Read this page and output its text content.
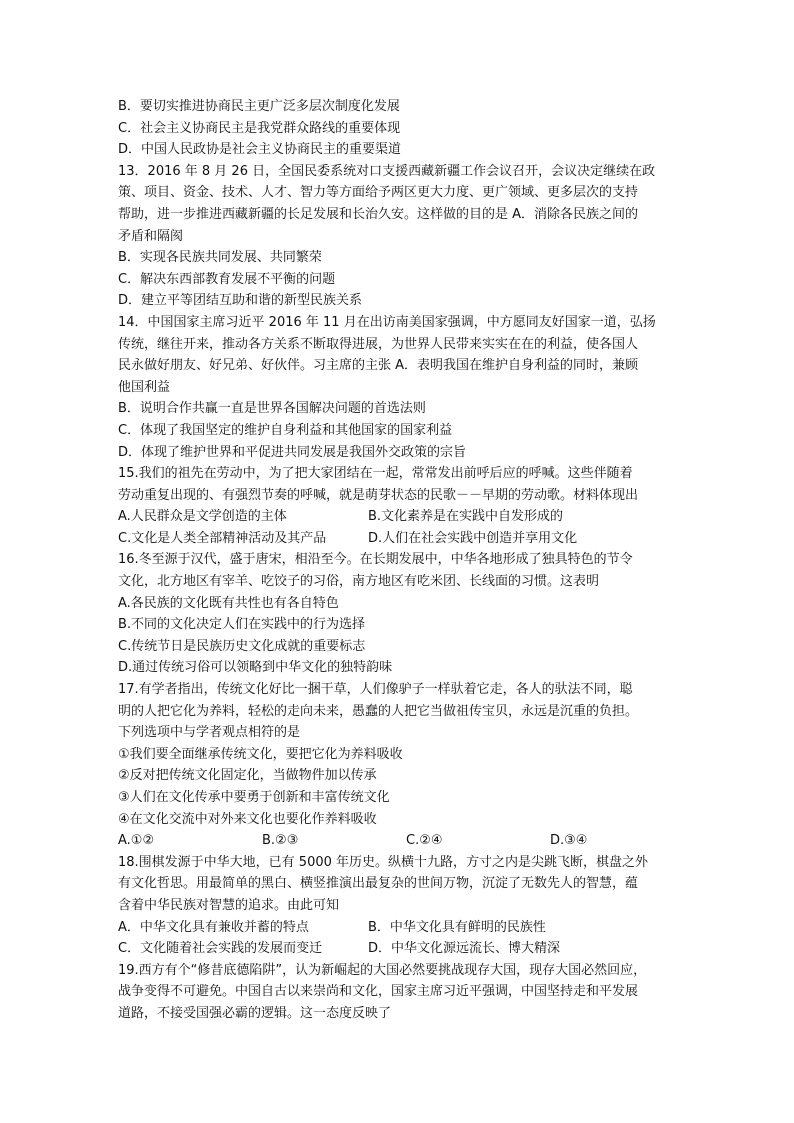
B．要切实推进协商民主更广泛多层次制度化发展
C．社会主义协商民主是我党群众路线的重要体现
D．中国人民政协是社会主义协商民主的重要渠道
13．2016 年 8 月 26 日，全国民委系统对口支援西藏新疆工作会议召开，会议决定继续在政
策、项目、资金、技术、人才、智力等方面给予两区更大力度、更广领域、更多层次的支持
帮助，进一步推进西藏新疆的长足发展和长治久安。这样做的目的是 A．消除各民族之间的
矛盾和隔阂
B．实现各民族共同发展、共同繁荣
C．解决东西部教育发展不平衡的问题
D．建立平等团结互助和谐的新型民族关系
14．中国国家主席习近平 2016 年 11 月在出访南美国家强调，中方愿同友好国家一道，弘扬
传统，继往开来，推动各方关系不断取得进展，为世界人民带来实实在在的利益，使各国人
民永做好朋友、好兄弟、好伙伴。习主席的主张 A．表明我国在维护自身利益的同时，兼顾
他国利益
B．说明合作共赢一直是世界各国解决问题的首选法则
C．体现了我国坚定的维护自身利益和其他国家的国家利益
D．体现了维护世界和平促进共同发展是我国外交政策的宗旨
15.我们的祖先在劳动中，为了把大家团结在一起，常常发出前呼后应的呼喊。这些伴随着
劳动重复出现的、有强烈节奏的呼喊，就是萌芽状态的民歌－－早期的劳动歌。材料体现出
A.人民群众是文学创造的主体	B.文化素养是在实践中自发形成的
C.文化是人类全部精神活动及其产品	D.人们在社会实践中创造并享用文化
16.冬至源于汉代，盛于唐宋，相沿至今。在长期发展中，中华各地形成了独具特色的节令
文化，北方地区有宰羊、吃饺子的习俗，南方地区有吃米团、长线面的习惯。这表明
A.各民族的文化既有共性也有各自特色
B.不同的文化决定人们在实践中的行为选择
C.传统节日是民族历史文化成就的重要标志
D.通过传统习俗可以领略到中华文化的独特韵味
17.有学者指出，传统文化好比一捆干草，人们像驴子一样驮着它走，各人的驮法不同，聪
明的人把它化为养料，轻松的走向未来，愚蠢的人把它当做祖传宝贝，永远是沉重的负担。
下列选项中与学者观点相符的是
①我们要全面继承传统文化，要把它化为养料吸收
②反对把传统文化固定化，当做物件加以传承
③人们在文化传承中要勇于创新和丰富传统文化
④在文化交流中对外来文化也要化作养料吸收
A.①②	B.②③	C.②④	D.③④
18.围棋发源于中华大地，已有 5000 年历史。纵横十九路，方寸之内是尖跳飞断，棋盘之外
有文化哲思。用最简单的黑白、横竖推演出最复杂的世间万物，沉淀了无数先人的智慧，蕴
含着中华民族对智慧的追求。由此可知
A．中华文化具有兼收并蓄的特点	B．中华文化具有鲜明的民族性
C．文化随着社会实践的发展而变迁	D．中华文化源远流长、博大精深
19.西方有个“修昔底德陷阱”，认为新崛起的大国必然要挑战现存大国，现存大国必然回应，
战争变得不可避免。中国自古以来崇尚和文化，国家主席习近平强调，中国坚持走和平发展
道路，不接受国强必霸的逻辑。这一态度反映了
